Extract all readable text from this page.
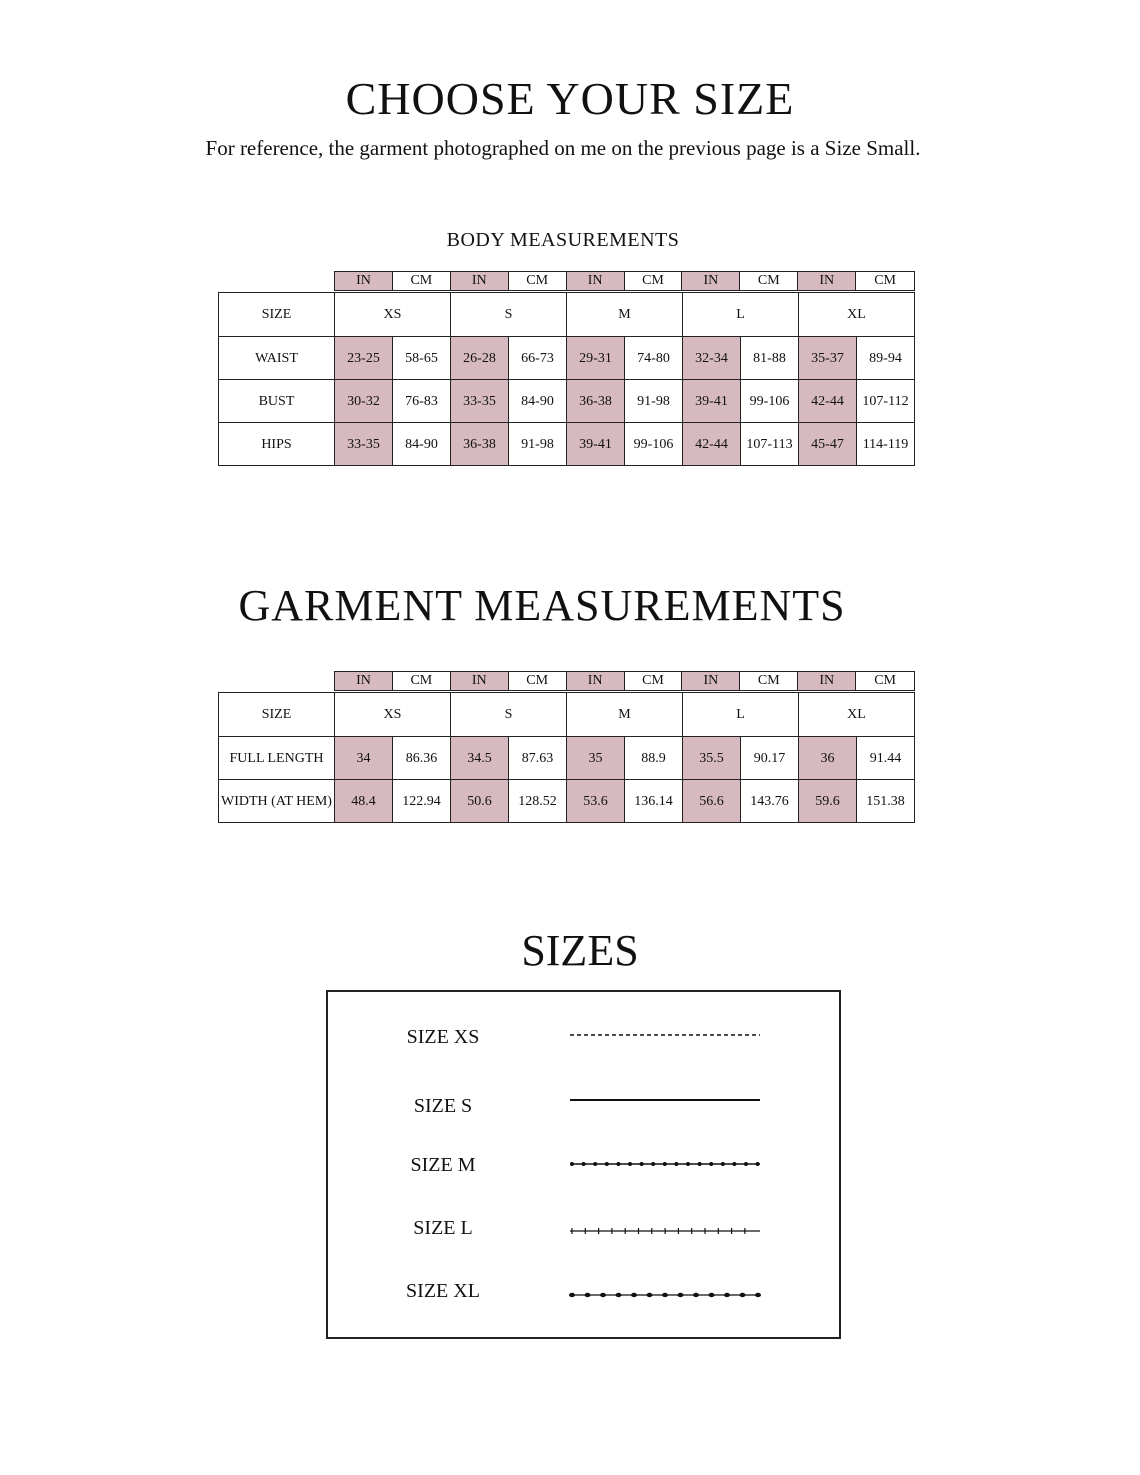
CHOOSE YOUR SIZE
For reference, the garment photographed on me on the previous page is a Size Small.
BODY MEASUREMENTS
IN	CM	IN	CM	IN	CM	IN	CM	IN	CM
SIZE	XS		S		M		L		XL	
WAIST	23-25	58-65	26-28	66-73	29-31	74-80	32-34	81-88	35-37	89-94
BUST	30-32	76-83	33-35	84-90	36-38	91-98	39-41	99-106	42-44	107-112
HIPS	33-35	84-90	36-38	91-98	39-41	99-106	42-44	107-113	45-47	114-119
GARMENT MEASUREMENTS
IN	CM	IN	CM	IN	CM	IN	CM	IN	CM
SIZE	XS		S		M		L		XL	
FULL LENGTH	34	86.36	34.5	87.63	35	88.9	35.5	90.17	36	91.44
WIDTH (AT HEM)	48.4	122.94	50.6	128.52	53.6	136.14	56.6	143.76	59.6	151.38
SIZES
SIZE XS
SIZE S
SIZE M
SIZE L
SIZE XL
